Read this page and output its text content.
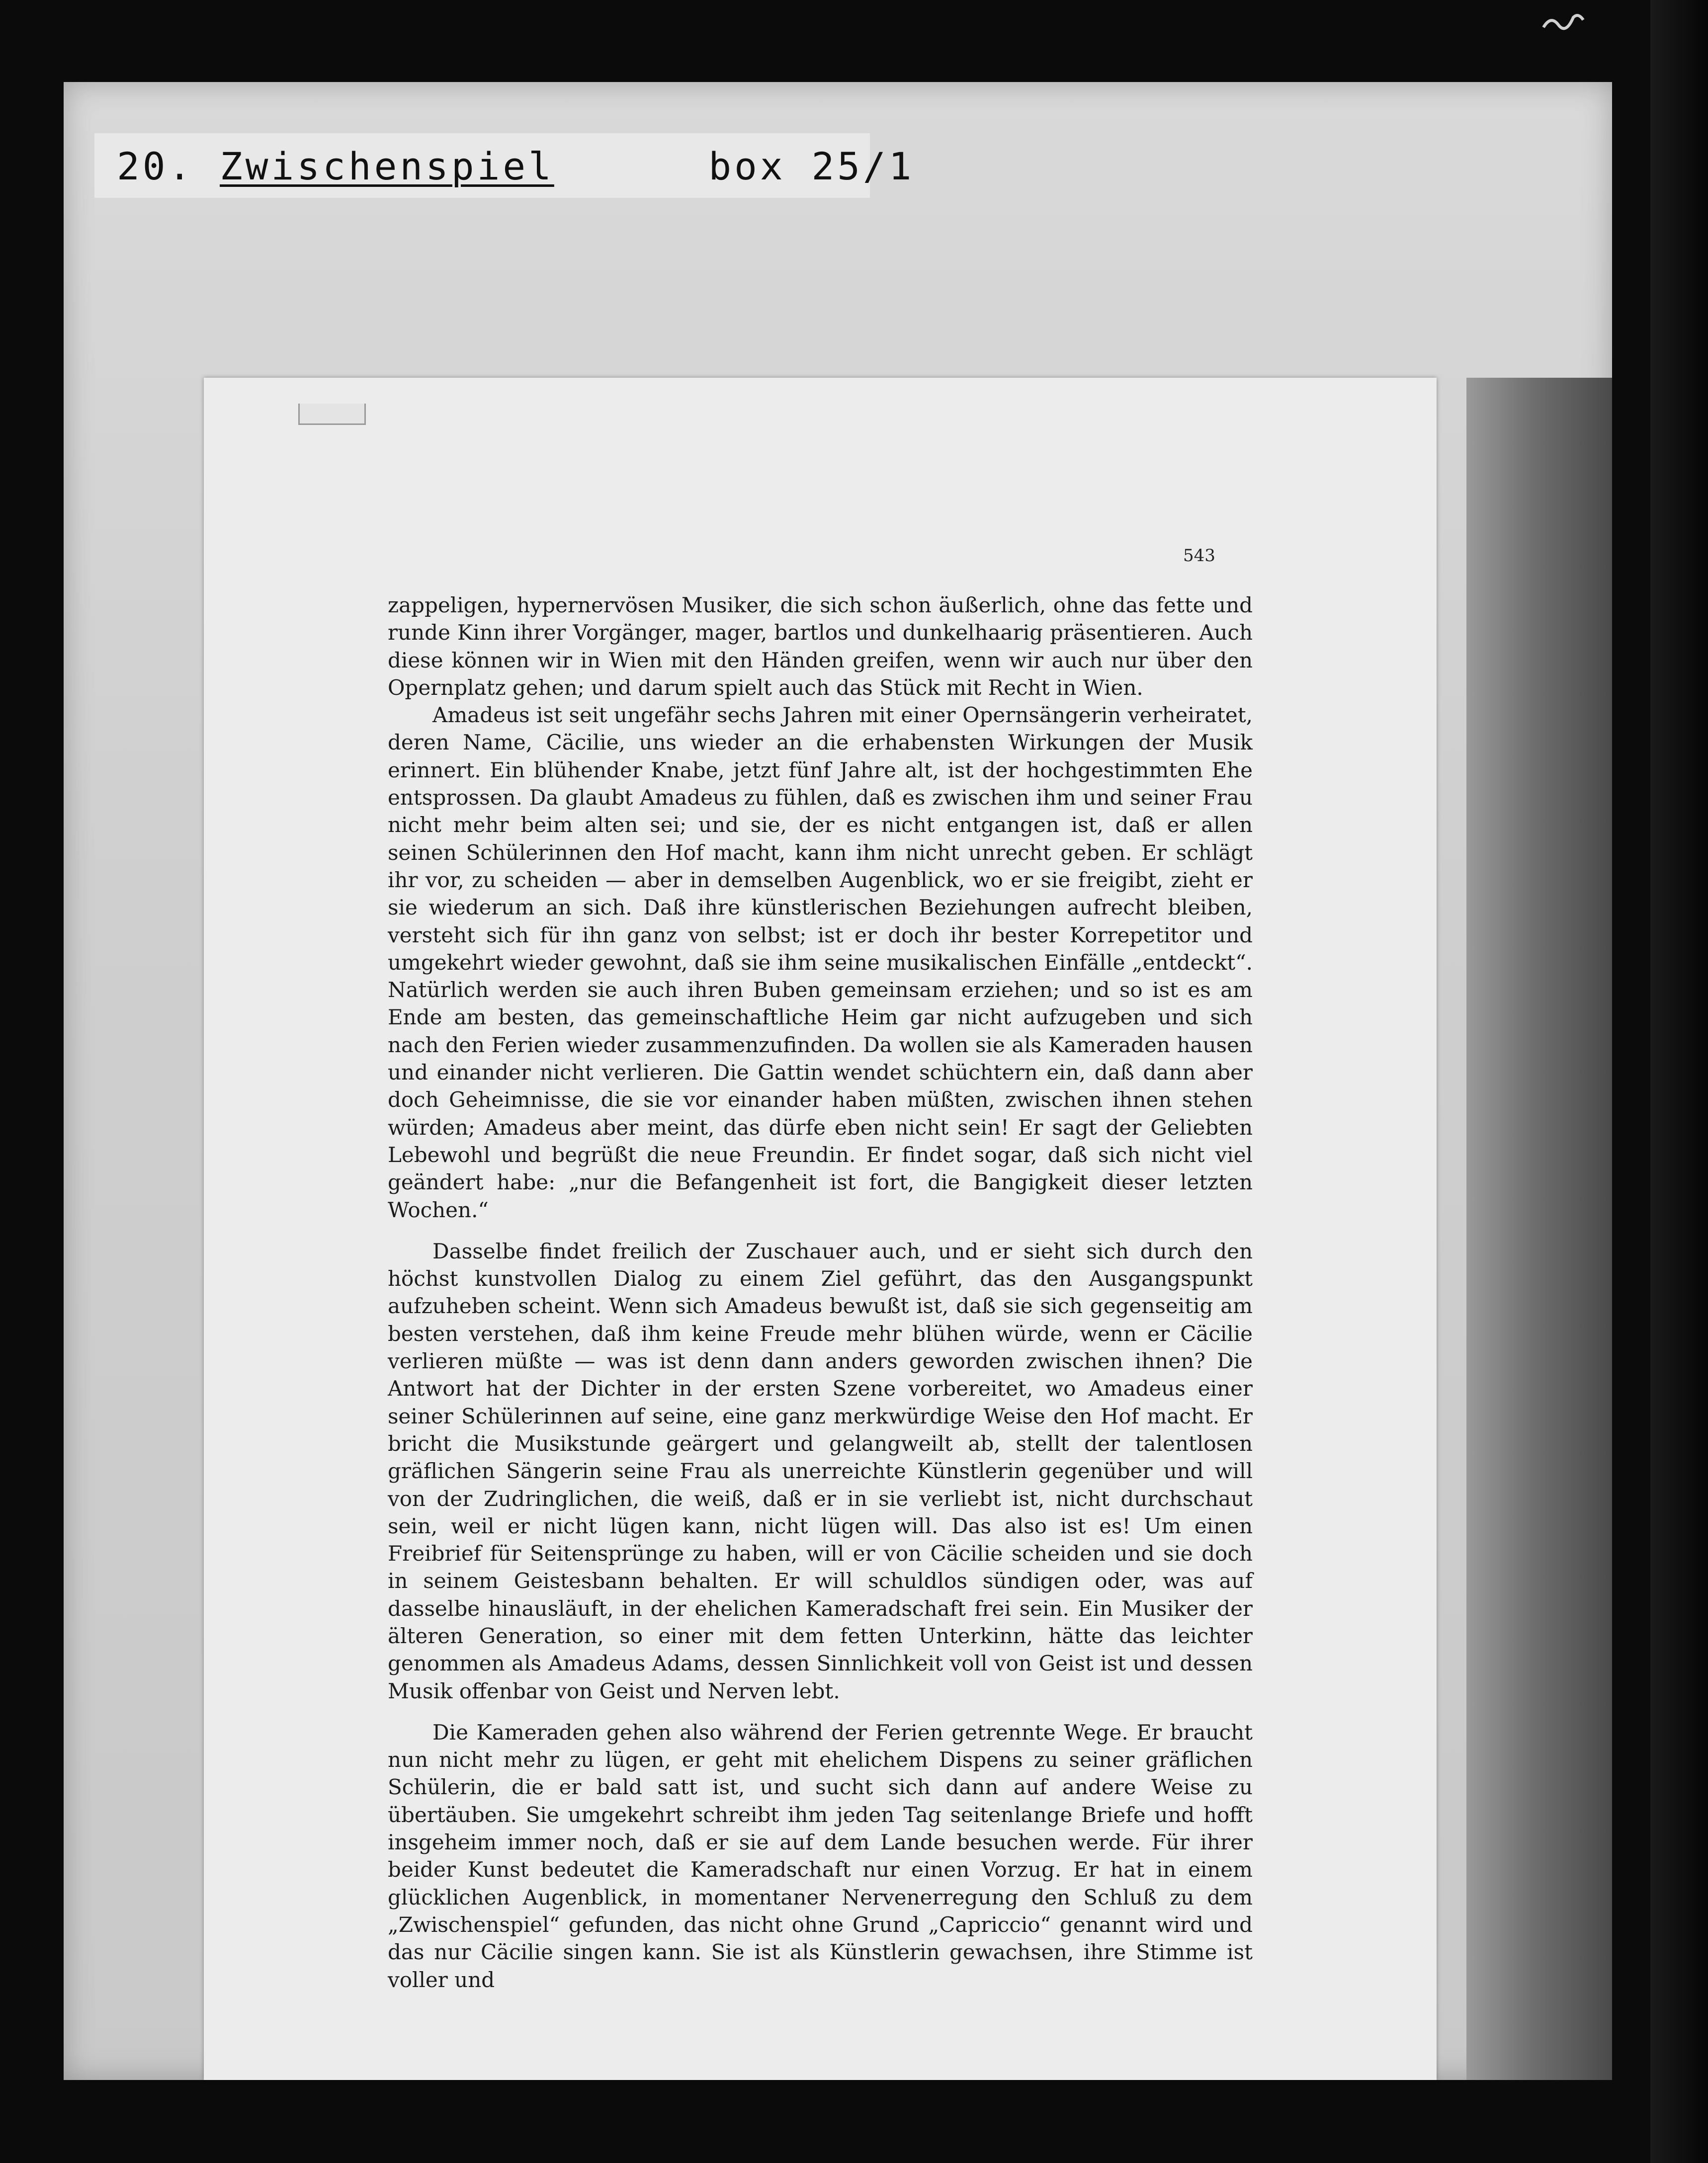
20. Zwischenspiel	box 25/1
543

zappeligen, hypernervösen Musiker, die sich schon äußerlich, ohne das fette und runde Kinn ihrer Vorgänger, mager, bartlos und dunkelhaarig präsentieren. Auch diese können wir in Wien mit den Händen greifen, wenn wir auch nur über den Opernplatz gehen; und darum spielt auch das Stück mit Recht in Wien.

Amadeus ist seit ungefähr sechs Jahren mit einer Opernsängerin verheiratet, deren Name, Cäcilie, uns wieder an die erhabensten Wirkungen der Musik erinnert. Ein blühender Knabe, jetzt fünf Jahre alt, ist der hochgestimmten Ehe entsprossen. Da glaubt Amadeus zu fühlen, daß es zwischen ihm und seiner Frau nicht mehr beim alten sei; und sie, der es nicht entgangen ist, daß er allen seinen Schülerinnen den Hof macht, kann ihm nicht unrecht geben. Er schlägt ihr vor, zu scheiden — aber in demselben Augenblick, wo er sie freigibt, zieht er sie wiederum an sich. Daß ihre künstlerischen Beziehungen aufrecht bleiben, versteht sich für ihn ganz von selbst; ist er doch ihr bester Korrepetitor und umgekehrt wieder gewohnt, daß sie ihm seine musikalischen Einfälle „entdeckt“. Natürlich werden sie auch ihren Buben gemeinsam erziehen; und so ist es am Ende am besten, das gemeinschaftliche Heim gar nicht aufzugeben und sich nach den Ferien wieder zusammenzufinden. Da wollen sie als Kameraden hausen und einander nicht verlieren. Die Gattin wendet schüchtern ein, daß dann aber doch Geheimnisse, die sie vor einander haben müßten, zwischen ihnen stehen würden; Amadeus aber meint, das dürfe eben nicht sein! Er sagt der Geliebten Lebewohl und begrüßt die neue Freundin. Er findet sogar, daß sich nicht viel geändert habe: „nur die Befangenheit ist fort, die Bangigkeit dieser letzten Wochen.“

Dasselbe findet freilich der Zuschauer auch, und er sieht sich durch den höchst kunstvollen Dialog zu einem Ziel geführt, das den Ausgangspunkt aufzuheben scheint. Wenn sich Amadeus bewußt ist, daß sie sich gegenseitig am besten verstehen, daß ihm keine Freude mehr blühen würde, wenn er Cäcilie verlieren müßte — was ist denn dann anders geworden zwischen ihnen? Die Antwort hat der Dichter in der ersten Szene vorbereitet, wo Amadeus einer seiner Schülerinnen auf seine, eine ganz merkwürdige Weise den Hof macht. Er bricht die Musikstunde geärgert und gelangweilt ab, stellt der talentlosen gräflichen Sängerin seine Frau als unerreichte Künstlerin gegenüber und will von der Zudringlichen, die weiß, daß er in sie verliebt ist, nicht durchschaut sein, weil er nicht lügen kann, nicht lügen will. Das also ist es! Um einen Freibrief für Seitensprünge zu haben, will er von Cäcilie scheiden und sie doch in seinem Geistesbann behalten. Er will schuldlos sündigen oder, was auf dasselbe hinausläuft, in der ehelichen Kameradschaft frei sein. Ein Musiker der älteren Generation, so einer mit dem fetten Unterkinn, hätte das leichter genommen als Amadeus Adams, dessen Sinnlichkeit voll von Geist ist und dessen Musik offenbar von Geist und Nerven lebt.

Die Kameraden gehen also während der Ferien getrennte Wege. Er braucht nun nicht mehr zu lügen, er geht mit ehelichem Dispens zu seiner gräflichen Schülerin, die er bald satt ist, und sucht sich dann auf andere Weise zu übertäuben. Sie umgekehrt schreibt ihm jeden Tag seitenlange Briefe und hofft insgeheim immer noch, daß er sie auf dem Lande besuchen werde. Für ihrer beider Kunst bedeutet die Kameradschaft nur einen Vorzug. Er hat in einem glücklichen Augenblick, in momentaner Nervenerregung den Schluß zu dem „Zwischenspiel“ gefunden, das nicht ohne Grund „Capriccio“ genannt wird und das nur Cäcilie singen kann. Sie ist als Künstlerin gewachsen, ihre Stimme ist voller und
